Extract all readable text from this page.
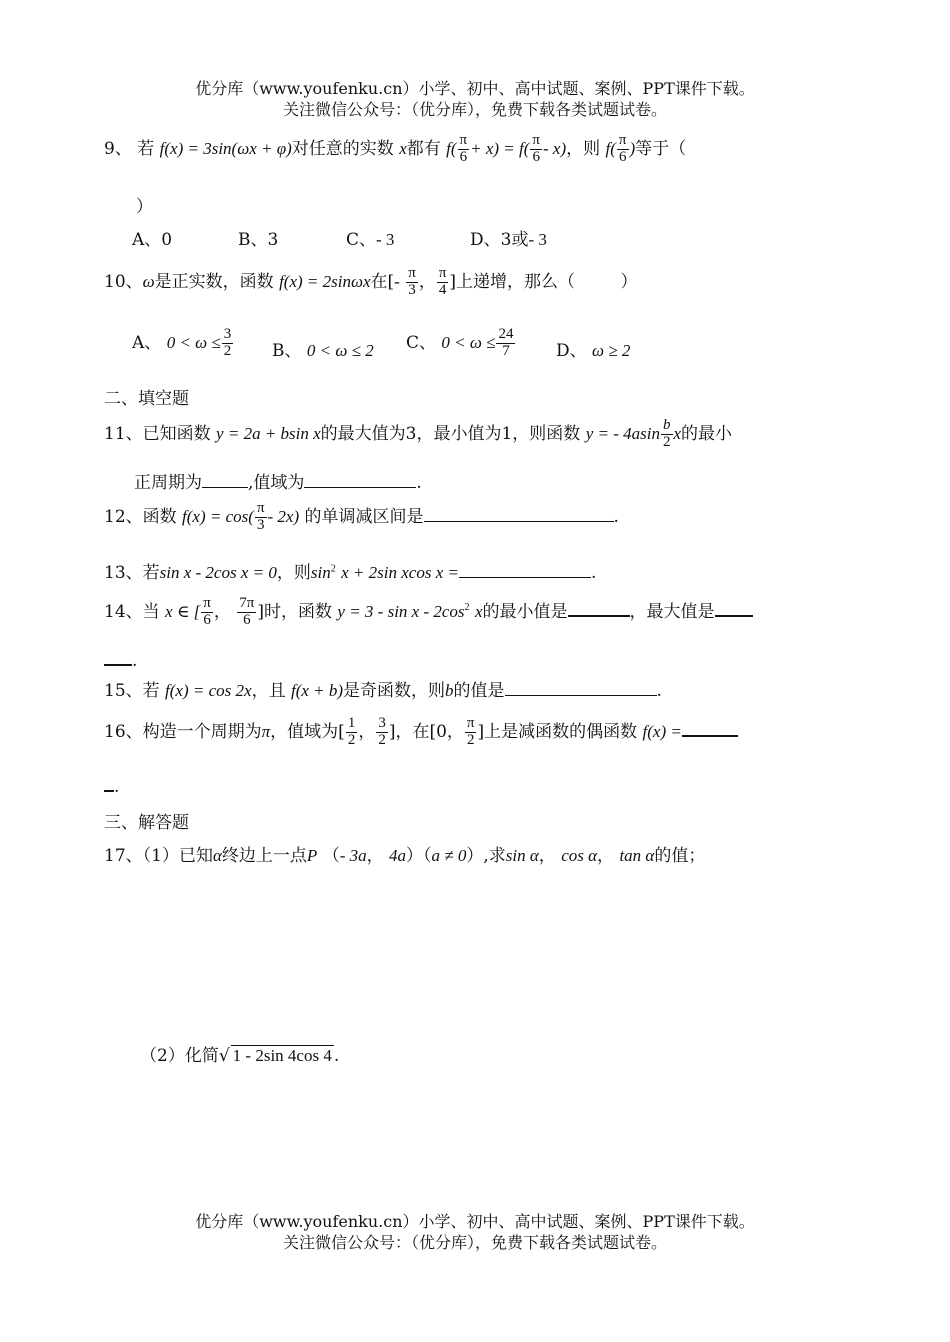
优分库（www.youfenku.cn）小学、初中、高中试题、案例、PPT课件下载。
关注微信公众号：（优分库），免费下载各类试题试卷。
9、 若 f(x) = 3sin(ωx + φ)对任意的实数 x都有 $f( \frac{\pi}{6} + x) = f( \frac{\pi}{6} - x)$，则 $f( \frac{\pi}{6}$ )等于（
）
A、0	B、3	C、- 3	D、3或- 3
10、ω是正实数，函数 f(x) = 2sinωx在[- $\frac{\pi}{3}$ ， $\frac{\pi}{4}$ ]上递增，那么（	）
A、 $0 < \omega \le \frac{3}{2}$ B、 0 < ω ≤ 2 C、 $0 < \omega \le \frac{24}{7}$ D、 ω ≥ 2
二、填空题
11、已知函数 y = 2a + bsin x的最大值为3，最小值为1，则函数 y = - $4asin \frac{b}{2}$ x的最小
正周期为	,值域为	.
12、函数 $f(x) = \cos( \frac{\pi}{3} - 2x)$ 的单调减区间是	.
13、若sin x - 2cos x = 0，则$\sin^2 x + 2\sin$ xcos x =	.
14、当 x ∈ [ $\frac{\pi}{6}$ ， $\frac{7\pi}{6}$ ]时，函数 $y = 3 - \sin x - 2\cos^2$ x的最小值是	，最大值是
.
15、若 f(x) = cos 2x，且 f(x + b)是奇函数，则b的值是	.
16、构造一个周期为π，值域为[ $\frac{1}{2}$ ， $\frac{3}{2}$ ]，在[0， $\frac{\pi}{2}$ ]上是减函数的偶函数 f(x) =
.
三、解答题
17、（1）已知α终边上一点P （- 3a， 4a）（a ≠ 0）,求sin α， cos α， tan α的值；
（2）化简√ 1 - 2sin 4cos 4 .
优分库（www.youfenku.cn）小学、初中、高中试题、案例、PPT课件下载。
关注微信公众号：（优分库），免费下载各类试题试卷。
